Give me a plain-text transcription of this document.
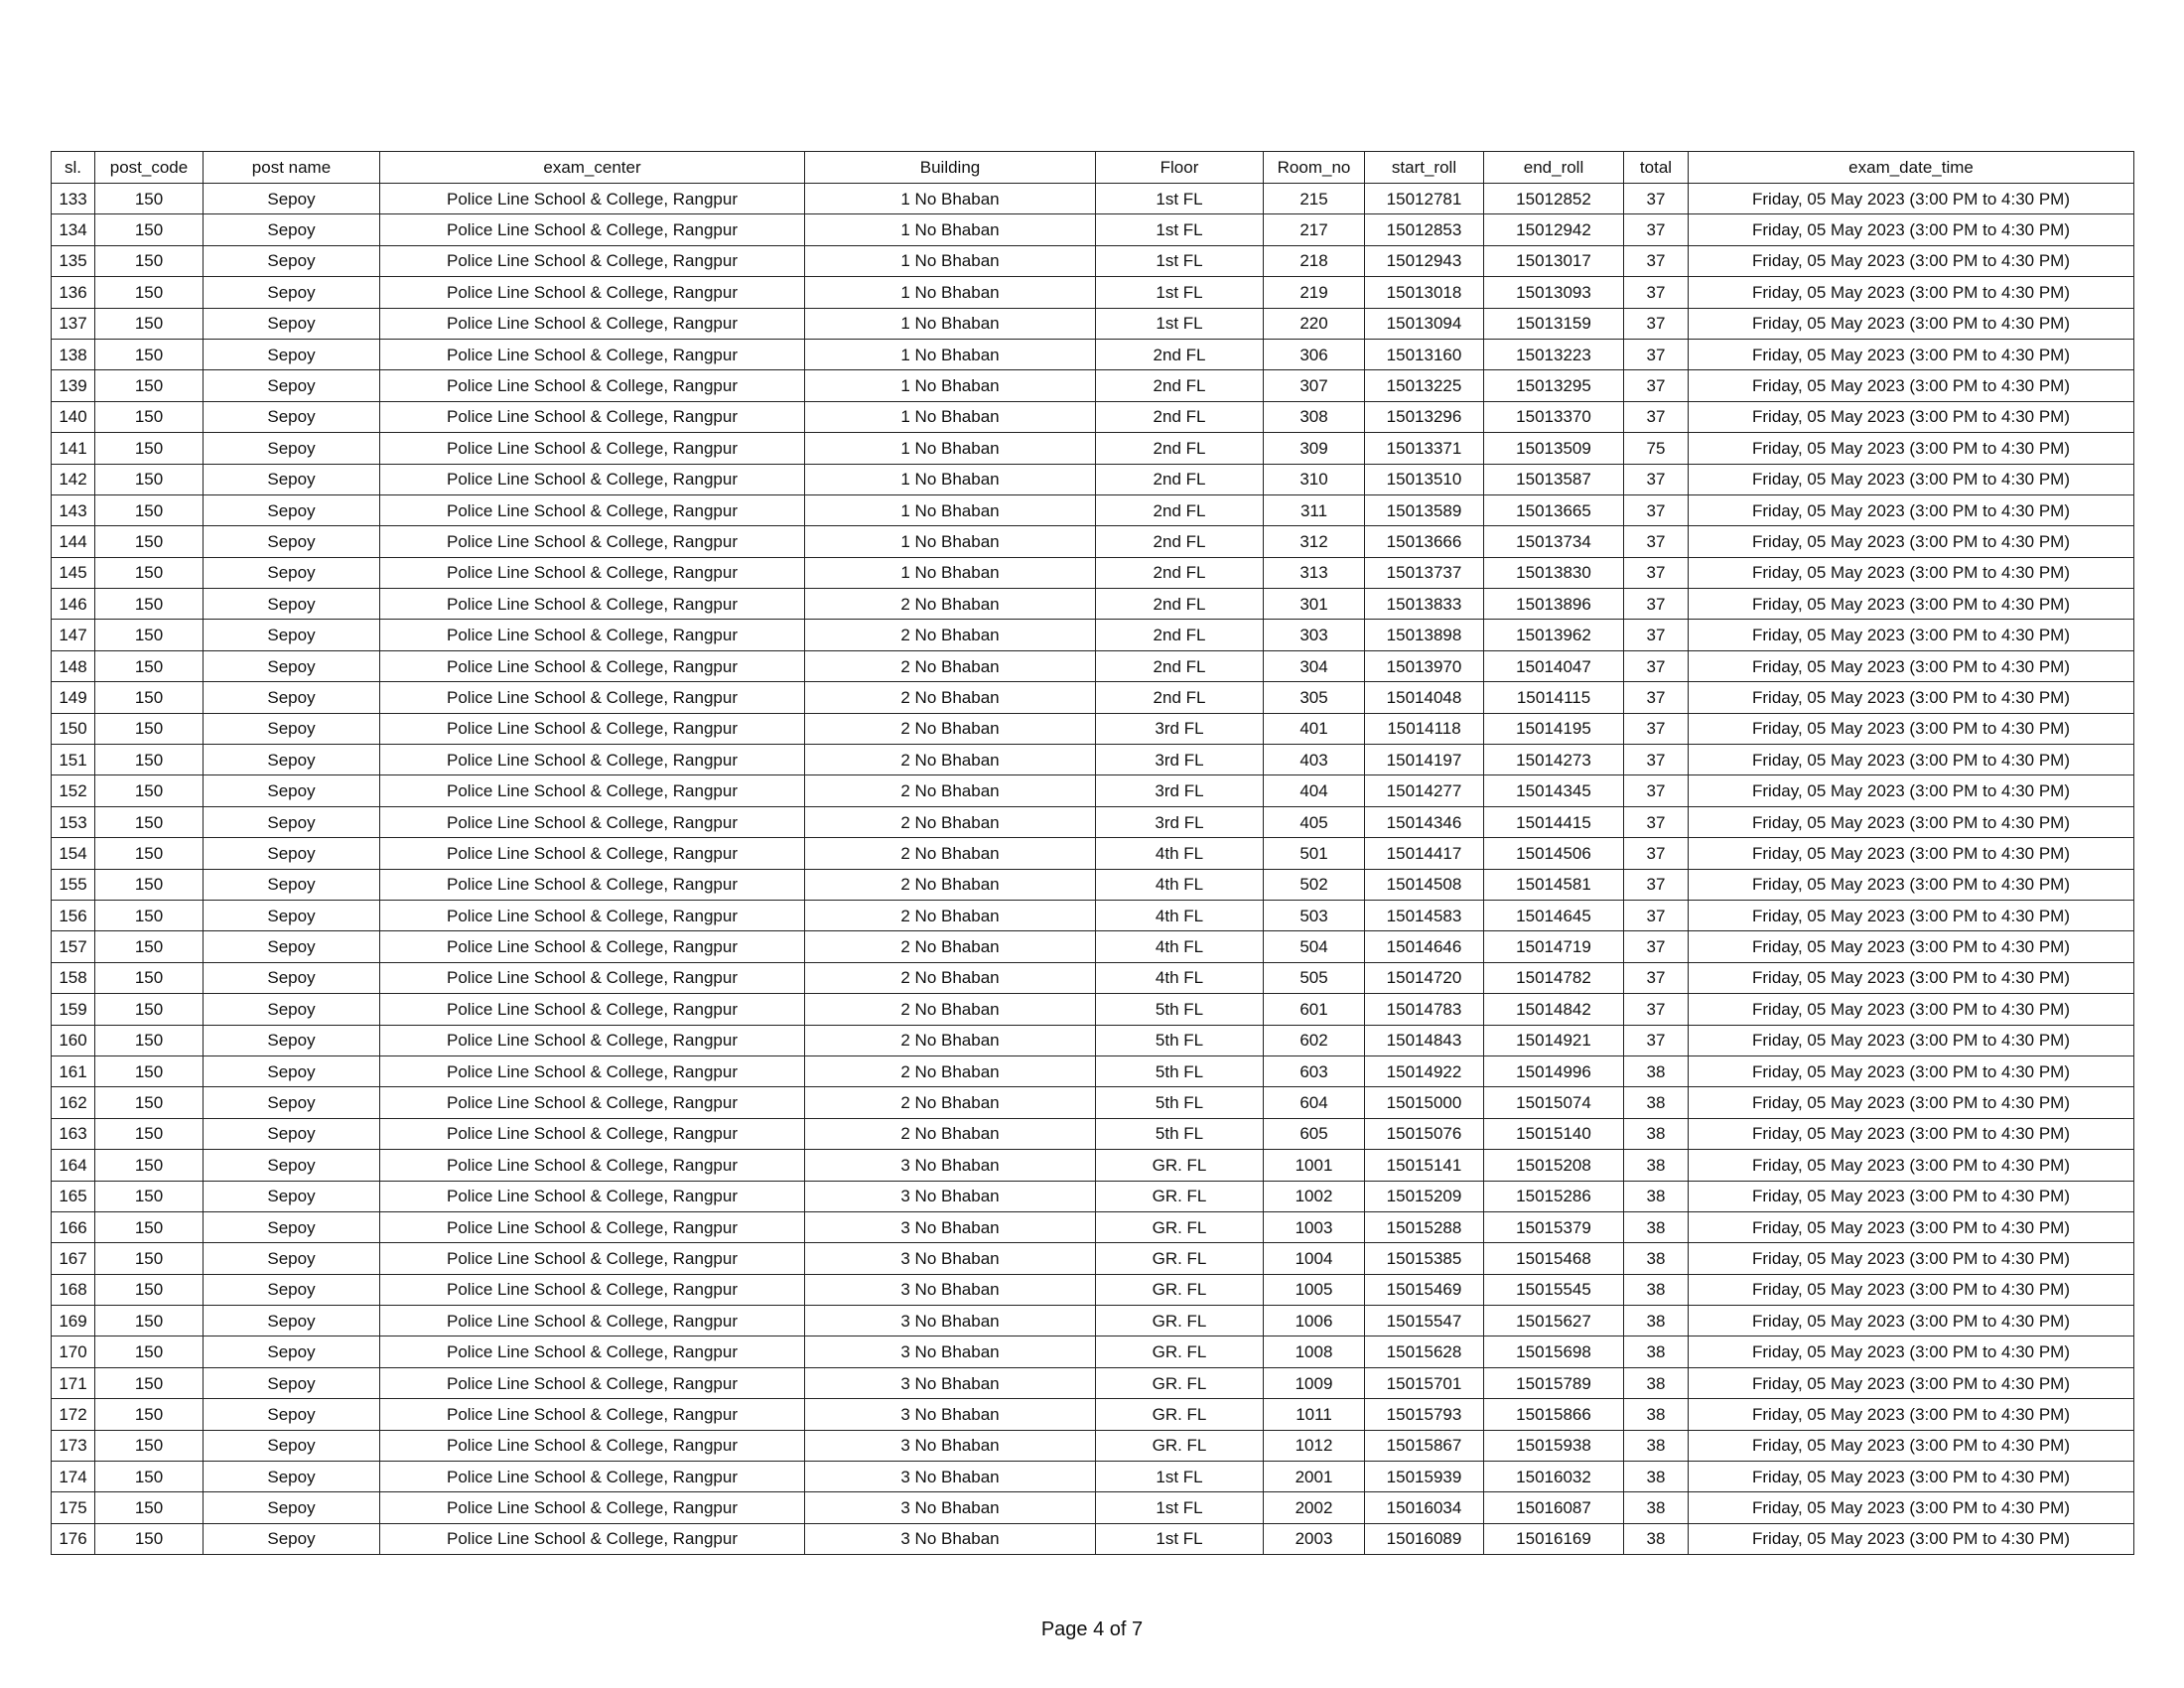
sl.	post_code	post name	exam_center	Building	Floor	Room_no	start_roll	end_roll	total	exam_date_time
133	150	Sepoy	Police Line School & College, Rangpur	1 No Bhaban	1st FL	215	15012781	15012852	37	Friday, 05 May 2023 (3:00 PM to 4:30 PM)
134	150	Sepoy	Police Line School & College, Rangpur	1 No Bhaban	1st FL	217	15012853	15012942	37	Friday, 05 May 2023 (3:00 PM to 4:30 PM)
135	150	Sepoy	Police Line School & College, Rangpur	1 No Bhaban	1st FL	218	15012943	15013017	37	Friday, 05 May 2023 (3:00 PM to 4:30 PM)
136	150	Sepoy	Police Line School & College, Rangpur	1 No Bhaban	1st FL	219	15013018	15013093	37	Friday, 05 May 2023 (3:00 PM to 4:30 PM)
137	150	Sepoy	Police Line School & College, Rangpur	1 No Bhaban	1st FL	220	15013094	15013159	37	Friday, 05 May 2023 (3:00 PM to 4:30 PM)
138	150	Sepoy	Police Line School & College, Rangpur	1 No Bhaban	2nd FL	306	15013160	15013223	37	Friday, 05 May 2023 (3:00 PM to 4:30 PM)
139	150	Sepoy	Police Line School & College, Rangpur	1 No Bhaban	2nd FL	307	15013225	15013295	37	Friday, 05 May 2023 (3:00 PM to 4:30 PM)
140	150	Sepoy	Police Line School & College, Rangpur	1 No Bhaban	2nd FL	308	15013296	15013370	37	Friday, 05 May 2023 (3:00 PM to 4:30 PM)
141	150	Sepoy	Police Line School & College, Rangpur	1 No Bhaban	2nd FL	309	15013371	15013509	75	Friday, 05 May 2023 (3:00 PM to 4:30 PM)
142	150	Sepoy	Police Line School & College, Rangpur	1 No Bhaban	2nd FL	310	15013510	15013587	37	Friday, 05 May 2023 (3:00 PM to 4:30 PM)
143	150	Sepoy	Police Line School & College, Rangpur	1 No Bhaban	2nd FL	311	15013589	15013665	37	Friday, 05 May 2023 (3:00 PM to 4:30 PM)
144	150	Sepoy	Police Line School & College, Rangpur	1 No Bhaban	2nd FL	312	15013666	15013734	37	Friday, 05 May 2023 (3:00 PM to 4:30 PM)
145	150	Sepoy	Police Line School & College, Rangpur	1 No Bhaban	2nd FL	313	15013737	15013830	37	Friday, 05 May 2023 (3:00 PM to 4:30 PM)
146	150	Sepoy	Police Line School & College, Rangpur	2 No Bhaban	2nd FL	301	15013833	15013896	37	Friday, 05 May 2023 (3:00 PM to 4:30 PM)
147	150	Sepoy	Police Line School & College, Rangpur	2 No Bhaban	2nd FL	303	15013898	15013962	37	Friday, 05 May 2023 (3:00 PM to 4:30 PM)
148	150	Sepoy	Police Line School & College, Rangpur	2 No Bhaban	2nd FL	304	15013970	15014047	37	Friday, 05 May 2023 (3:00 PM to 4:30 PM)
149	150	Sepoy	Police Line School & College, Rangpur	2 No Bhaban	2nd FL	305	15014048	15014115	37	Friday, 05 May 2023 (3:00 PM to 4:30 PM)
150	150	Sepoy	Police Line School & College, Rangpur	2 No Bhaban	3rd FL	401	15014118	15014195	37	Friday, 05 May 2023 (3:00 PM to 4:30 PM)
151	150	Sepoy	Police Line School & College, Rangpur	2 No Bhaban	3rd FL	403	15014197	15014273	37	Friday, 05 May 2023 (3:00 PM to 4:30 PM)
152	150	Sepoy	Police Line School & College, Rangpur	2 No Bhaban	3rd FL	404	15014277	15014345	37	Friday, 05 May 2023 (3:00 PM to 4:30 PM)
153	150	Sepoy	Police Line School & College, Rangpur	2 No Bhaban	3rd FL	405	15014346	15014415	37	Friday, 05 May 2023 (3:00 PM to 4:30 PM)
154	150	Sepoy	Police Line School & College, Rangpur	2 No Bhaban	4th FL	501	15014417	15014506	37	Friday, 05 May 2023 (3:00 PM to 4:30 PM)
155	150	Sepoy	Police Line School & College, Rangpur	2 No Bhaban	4th FL	502	15014508	15014581	37	Friday, 05 May 2023 (3:00 PM to 4:30 PM)
156	150	Sepoy	Police Line School & College, Rangpur	2 No Bhaban	4th FL	503	15014583	15014645	37	Friday, 05 May 2023 (3:00 PM to 4:30 PM)
157	150	Sepoy	Police Line School & College, Rangpur	2 No Bhaban	4th FL	504	15014646	15014719	37	Friday, 05 May 2023 (3:00 PM to 4:30 PM)
158	150	Sepoy	Police Line School & College, Rangpur	2 No Bhaban	4th FL	505	15014720	15014782	37	Friday, 05 May 2023 (3:00 PM to 4:30 PM)
159	150	Sepoy	Police Line School & College, Rangpur	2 No Bhaban	5th FL	601	15014783	15014842	37	Friday, 05 May 2023 (3:00 PM to 4:30 PM)
160	150	Sepoy	Police Line School & College, Rangpur	2 No Bhaban	5th FL	602	15014843	15014921	37	Friday, 05 May 2023 (3:00 PM to 4:30 PM)
161	150	Sepoy	Police Line School & College, Rangpur	2 No Bhaban	5th FL	603	15014922	15014996	38	Friday, 05 May 2023 (3:00 PM to 4:30 PM)
162	150	Sepoy	Police Line School & College, Rangpur	2 No Bhaban	5th FL	604	15015000	15015074	38	Friday, 05 May 2023 (3:00 PM to 4:30 PM)
163	150	Sepoy	Police Line School & College, Rangpur	2 No Bhaban	5th FL	605	15015076	15015140	38	Friday, 05 May 2023 (3:00 PM to 4:30 PM)
164	150	Sepoy	Police Line School & College, Rangpur	3 No Bhaban	GR. FL	1001	15015141	15015208	38	Friday, 05 May 2023 (3:00 PM to 4:30 PM)
165	150	Sepoy	Police Line School & College, Rangpur	3 No Bhaban	GR. FL	1002	15015209	15015286	38	Friday, 05 May 2023 (3:00 PM to 4:30 PM)
166	150	Sepoy	Police Line School & College, Rangpur	3 No Bhaban	GR. FL	1003	15015288	15015379	38	Friday, 05 May 2023 (3:00 PM to 4:30 PM)
167	150	Sepoy	Police Line School & College, Rangpur	3 No Bhaban	GR. FL	1004	15015385	15015468	38	Friday, 05 May 2023 (3:00 PM to 4:30 PM)
168	150	Sepoy	Police Line School & College, Rangpur	3 No Bhaban	GR. FL	1005	15015469	15015545	38	Friday, 05 May 2023 (3:00 PM to 4:30 PM)
169	150	Sepoy	Police Line School & College, Rangpur	3 No Bhaban	GR. FL	1006	15015547	15015627	38	Friday, 05 May 2023 (3:00 PM to 4:30 PM)
170	150	Sepoy	Police Line School & College, Rangpur	3 No Bhaban	GR. FL	1008	15015628	15015698	38	Friday, 05 May 2023 (3:00 PM to 4:30 PM)
171	150	Sepoy	Police Line School & College, Rangpur	3 No Bhaban	GR. FL	1009	15015701	15015789	38	Friday, 05 May 2023 (3:00 PM to 4:30 PM)
172	150	Sepoy	Police Line School & College, Rangpur	3 No Bhaban	GR. FL	1011	15015793	15015866	38	Friday, 05 May 2023 (3:00 PM to 4:30 PM)
173	150	Sepoy	Police Line School & College, Rangpur	3 No Bhaban	GR. FL	1012	15015867	15015938	38	Friday, 05 May 2023 (3:00 PM to 4:30 PM)
174	150	Sepoy	Police Line School & College, Rangpur	3 No Bhaban	1st FL	2001	15015939	15016032	38	Friday, 05 May 2023 (3:00 PM to 4:30 PM)
175	150	Sepoy	Police Line School & College, Rangpur	3 No Bhaban	1st FL	2002	15016034	15016087	38	Friday, 05 May 2023 (3:00 PM to 4:30 PM)
176	150	Sepoy	Police Line School & College, Rangpur	3 No Bhaban	1st FL	2003	15016089	15016169	38	Friday, 05 May 2023 (3:00 PM to 4:30 PM)
Page 4 of 7
